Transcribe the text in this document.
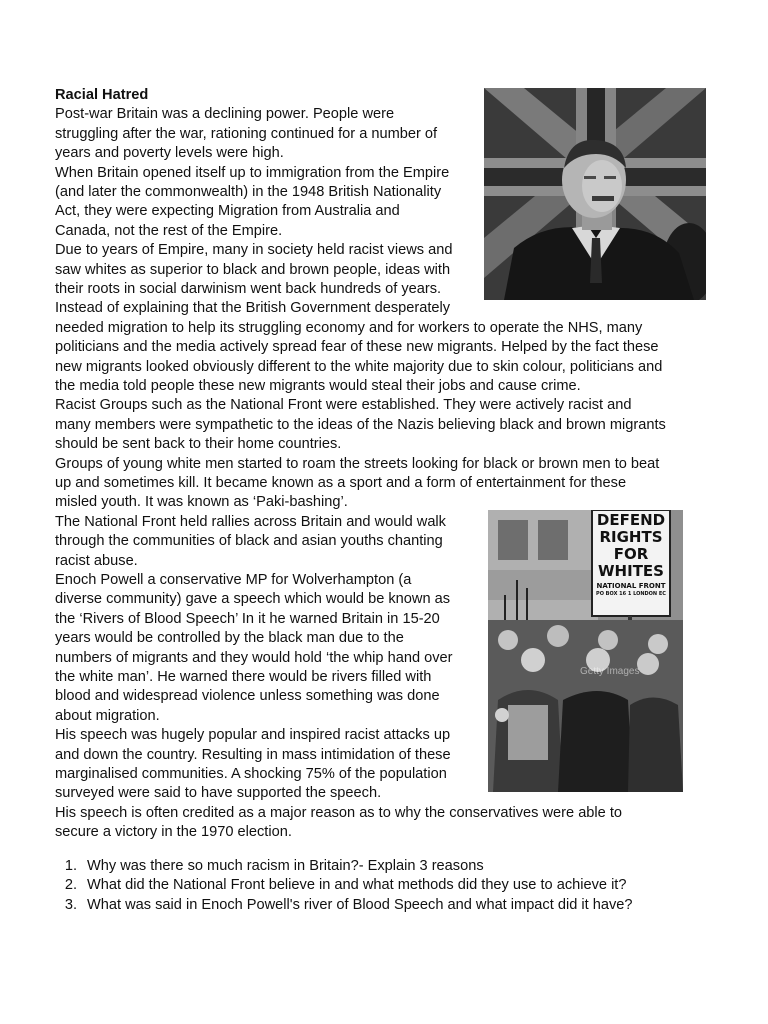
Racial Hatred
Post-war Britain was a declining power. People were
struggling after the war, rationing continued for a number of
years and poverty levels were high.
When Britain opened itself up to immigration from the Empire
(and later the commonwealth) in the 1948 British Nationality
Act, they were expecting Migration from Australia and
Canada, not the rest of the Empire.
Due to years of Empire, many in society held racist views and
saw whites as superior to black and brown people, ideas with
their roots in social darwinism went back hundreds of years.
Instead of explaining that the British Government desperately
needed migration to help its struggling economy and for workers to operate the NHS, many
politicians and the media actively spread fear of these new migrants. Helped by the fact these
new migrants looked obviously different to the white majority due to skin colour, politicians and
the media told people these new migrants would steal their jobs and cause crime.
Racist Groups such as the National Front were established. They were actively racist and
many members were sympathetic to the ideas of the Nazis believing black and brown migrants
should be sent back to their home countries.
Groups of young white men started to roam the streets looking for black or brown men to beat
up and sometimes kill. It became known as a sport and a form of entertainment for these
misled youth. It was known as ‘Paki-bashing’.
The National Front held rallies across Britain and would walk
through the communities of black and asian youths chanting
racist abuse.
Enoch Powell a conservative MP for Wolverhampton (a
diverse community) gave a speech which would be known as
the ‘Rivers of Blood Speech’ In it he warned Britain in 15-20
years would be controlled by the black man due to the
numbers of migrants and they would hold ‘the whip hand over
the white man’. He warned there would be rivers filled with
blood and widespread violence unless something was done
about migration.
His speech was hugely popular and inspired racist attacks up
and down the country. Resulting in mass intimidation of these
marginalised communities. A shocking 75% of the population
surveyed were said to have supported the speech.
His speech is often credited as a major reason as to why the conservatives were able to
secure a victory in the 1970 election.
Getty Images
DEFEND
RIGHTS
FOR
WHITES
NATIONAL FRONT
PO BOX 16 1 LONDON EC
1. Why was there so much racism in Britain?- Explain 3 reasons
2. What did the National Front believe in and what methods did they use to achieve it?
3. What was said in Enoch Powell's river of Blood Speech and what impact did it have?
